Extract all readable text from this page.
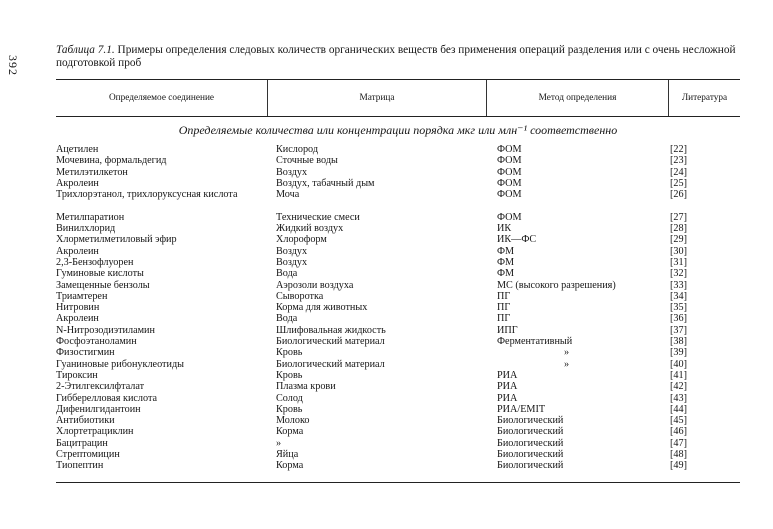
392
Таблица 7.1. Примеры определения следовых количеств органических веществ без применения операций разделения или с очень несложной подготовкой проб
Определяемое соединение	Матрица	Метод определения	Литература
Определяемые количества или концентрации порядка мкг или млн⁻¹ соответственно
Ацетилен	Кислород	ФОМ	[22]
Мочевина, формальдегид	Сточные воды	ФОМ	[23]
Метилэтилкетон	Воздух	ФОМ	[24]
Акролеин	Воздух, табачный дым	ФОМ	[25]
Трихлорэтанол, трихлоруксусная кислота	Моча	ФОМ	[26]
Метилпаратион	Технические смеси	ФОМ	[27]
Винилхлорид	Жидкий воздух	ИК	[28]
Хлорметилметиловый эфир	Хлороформ	ИК—ФС	[29]
Акролеин	Воздух	ФМ	[30]
2,3-Бензофлуорен	Воздух	ФМ	[31]
Гуминовые кислоты	Вода	ФМ	[32]
Замещенные бензолы	Аэрозоли воздуха	МС (высокого разрешения)	[33]
Триамтерен	Сыворотка	ПГ	[34]
Нитровин	Корма для животных	ПГ	[35]
Акролеин	Вода	ПГ	[36]
N-Нитрозодиэтиламин	Шлифовальная жидкость	ИПГ	[37]
Фосфоэтаноламин	Биологический материал	Ферментативный	[38]
Физостигмин	Кровь	»	[39]
Гуаниновые рибонуклеотиды	Биологический материал	»	[40]
Тироксин	Кровь	РИА	[41]
2-Этилгексилфталат	Плазма крови	РИА	[42]
Гибберелловая кислота	Солод	РИА	[43]
Дифенилгидантоин	Кровь	РИА/EMIT	[44]
Антибиотики	Молоко	Биологический	[45]
Хлортетрациклин	Корма	Биологический	[46]
Бацитрацин	»	Биологический	[47]
Стрептомицин	Яйца	Биологический	[48]
Тиопептин	Корма	Биологический	[49]
